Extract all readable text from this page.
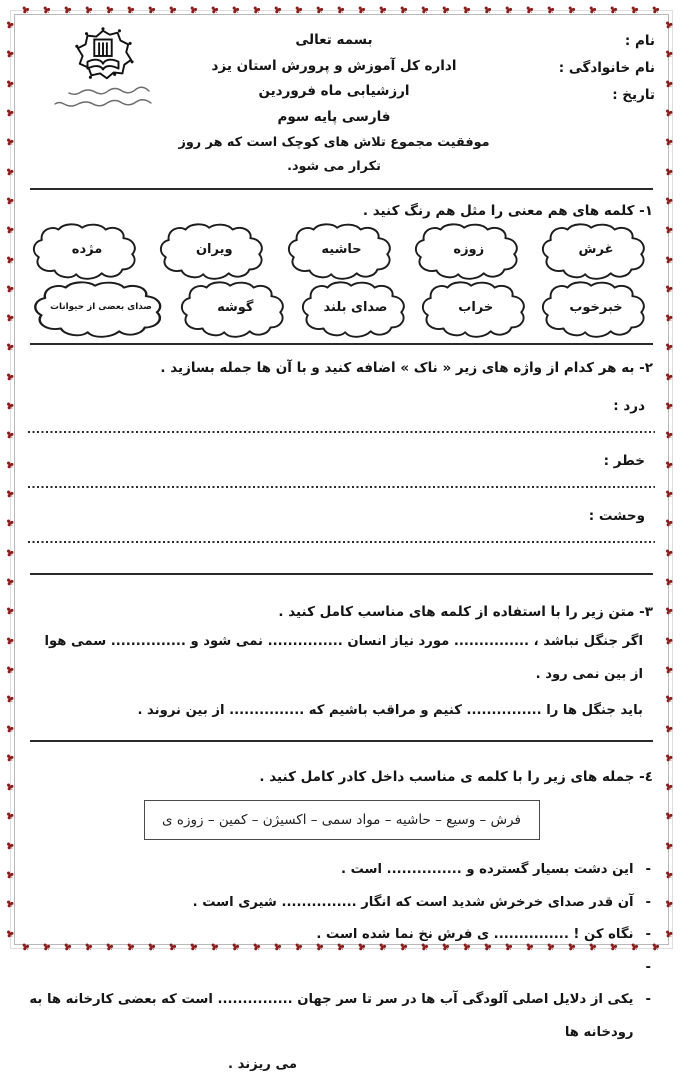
♣ ♣ ♣ ♣ ♣ ♣ ♣ ♣ ♣ ♣ ♣ ♣ ♣ ♣ ♣ ♣ ♣ ♣ ♣ ♣ ♣ ♣ ♣ ♣ ♣ ♣ ♣ ♣ ♣ ♣ ♣
♣ ♣ ♣ ♣ ♣ ♣ ♣ ♣ ♣ ♣ ♣ ♣ ♣ ♣ ♣ ♣ ♣ ♣ ♣ ♣ ♣ ♣ ♣ ♣ ♣ ♣ ♣ ♣ ♣ ♣ ♣
♣
♣
♣
♣
♣
♣
♣
♣
♣
♣
♣
♣
♣
♣
♣
♣
♣
♣
♣
♣
♣
♣
♣
♣
♣
♣
♣
♣
♣
♣
♣
♣
♣
♣
♣
♣
♣
♣
♣
♣
♣
♣
♣
♣
♣
♣
♣
♣
♣
♣
♣
♣
♣
♣
♣
♣
♣
♣
♣
♣
♣
♣
♣
♣
نام :
نام خانوادگی :
تاریخ :
بسمه تعالی
اداره کل آموزش و پرورش استان یزد
ارزشیابی ماه فروردین
فارسی پایه سوم
موفقیت مجموع تلاش های کوچک است که هر روز تکرار می شود.
١- کلمه های هم معنی را مثل هم رنگ کنید .
غرش
زوزه
حاشیه
ویران
مژده
خبرخوب
خراب
صدای بلند
گوشه
صدای بعضی از حیوانات
٢- به هر کدام از واژه های زیر « ناک » اضافه کنید و با آن ها جمله بسازید .
درد :
خطر :
وحشت :
٣- متن زیر را با استفاده از کلمه های مناسب کامل کنید .
اگر جنگل نباشد ، ............... مورد نیاز انسان ............... نمی شود و ............... سمی هوا از بین نمی رود .
باید جنگل ها را ............... کنیم و مراقب باشیم که ............... از بین نروند .
٤- جمله های زیر را با کلمه ی مناسب داخل کادر کامل کنید .
فرش – وسیع – حاشیه – مواد سمی – اکسیژن – کمین – زوزه ی
-
این دشت بسیار گسترده و ............... است .
-
آن قدر صدای خرخرش شدید است که انگار ............... شیری است .
-
نگاه کن ! ............... ی فرش نخ نما شده است .
-
-
یکی از دلایل اصلی آلودگی آب ها در سر تا سر جهان ............... است که بعضی کارخانه ها به رودخانه ها
می ریزند .
